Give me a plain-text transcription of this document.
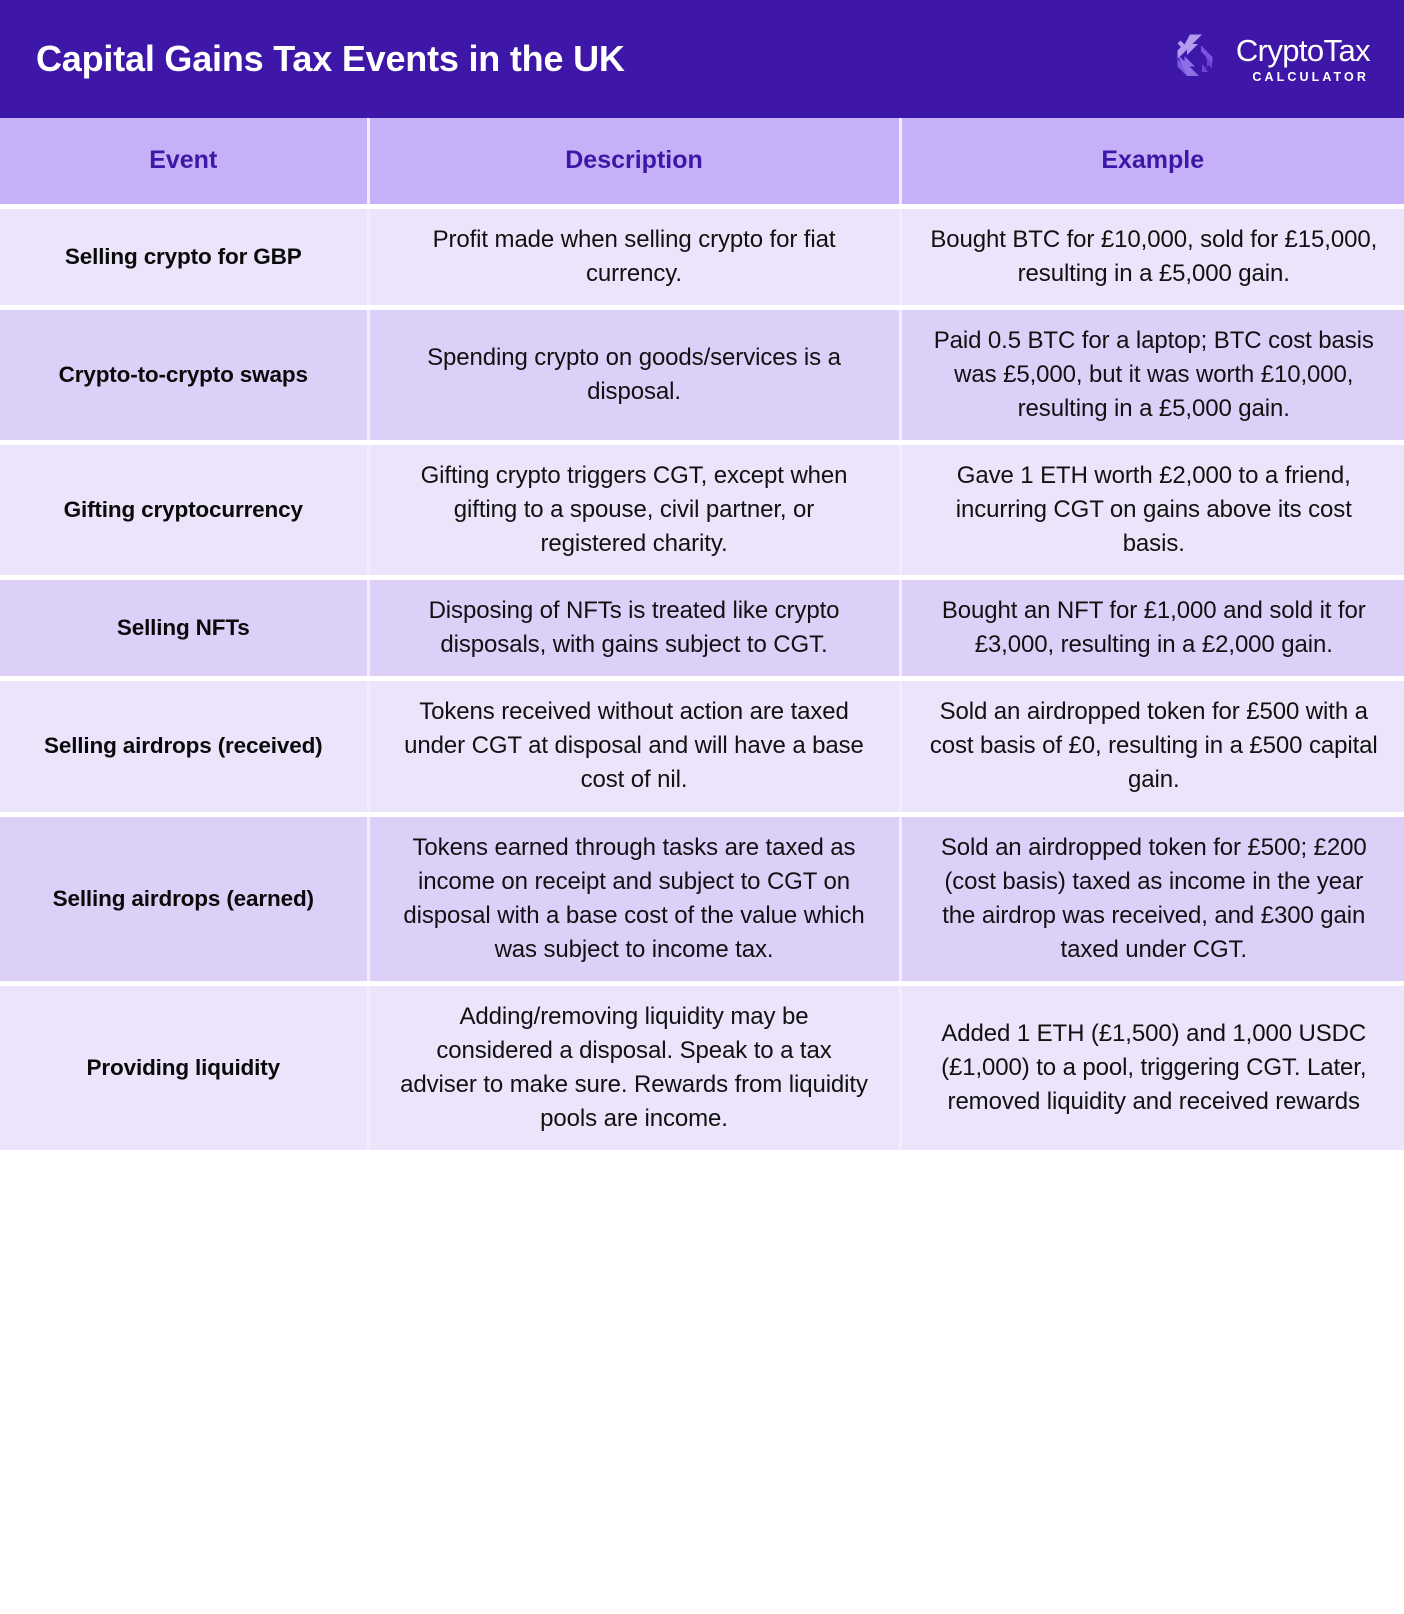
Capital Gains Tax Events in the UK	CryptoTax
CALCULATOR
Event	Description	Example
Selling crypto for GBP	Profit made when selling crypto for fiat currency.	Bought BTC for £10,000, sold for £15,000, resulting in a £5,000 gain.
Crypto-to-crypto swaps	Spending crypto on goods/services is a disposal.	Paid 0.5 BTC for a laptop; BTC cost basis was £5,000, but it was worth £10,000, resulting in a £5,000 gain.
Gifting cryptocurrency	Gifting crypto triggers CGT, except when gifting to a spouse, civil partner, or registered charity.	Gave 1 ETH worth £2,000 to a friend, incurring CGT on gains above its cost basis.
Selling NFTs	Disposing of NFTs is treated like crypto disposals, with gains subject to CGT.	Bought an NFT for £1,000 and sold it for £3,000, resulting in a £2,000 gain.
Selling airdrops (received)	Tokens received without action are taxed under CGT at disposal and will have a base cost of nil.	Sold an airdropped token for £500 with a cost basis of £0, resulting in a £500 capital gain.
Selling airdrops (earned)	Tokens earned through tasks are taxed as income on receipt and subject to CGT on disposal with a base cost of the value which was subject to income tax.	Sold an airdropped token for £500; £200 (cost basis) taxed as income in the year the airdrop was received, and £300 gain taxed under CGT.
Providing liquidity	Adding/removing liquidity may be considered a disposal. Speak to a tax adviser to make sure. Rewards from liquidity pools are income.	Added 1 ETH (£1,500) and 1,000 USDC (£1,000) to a pool, triggering CGT. Later, removed liquidity and received rewards
